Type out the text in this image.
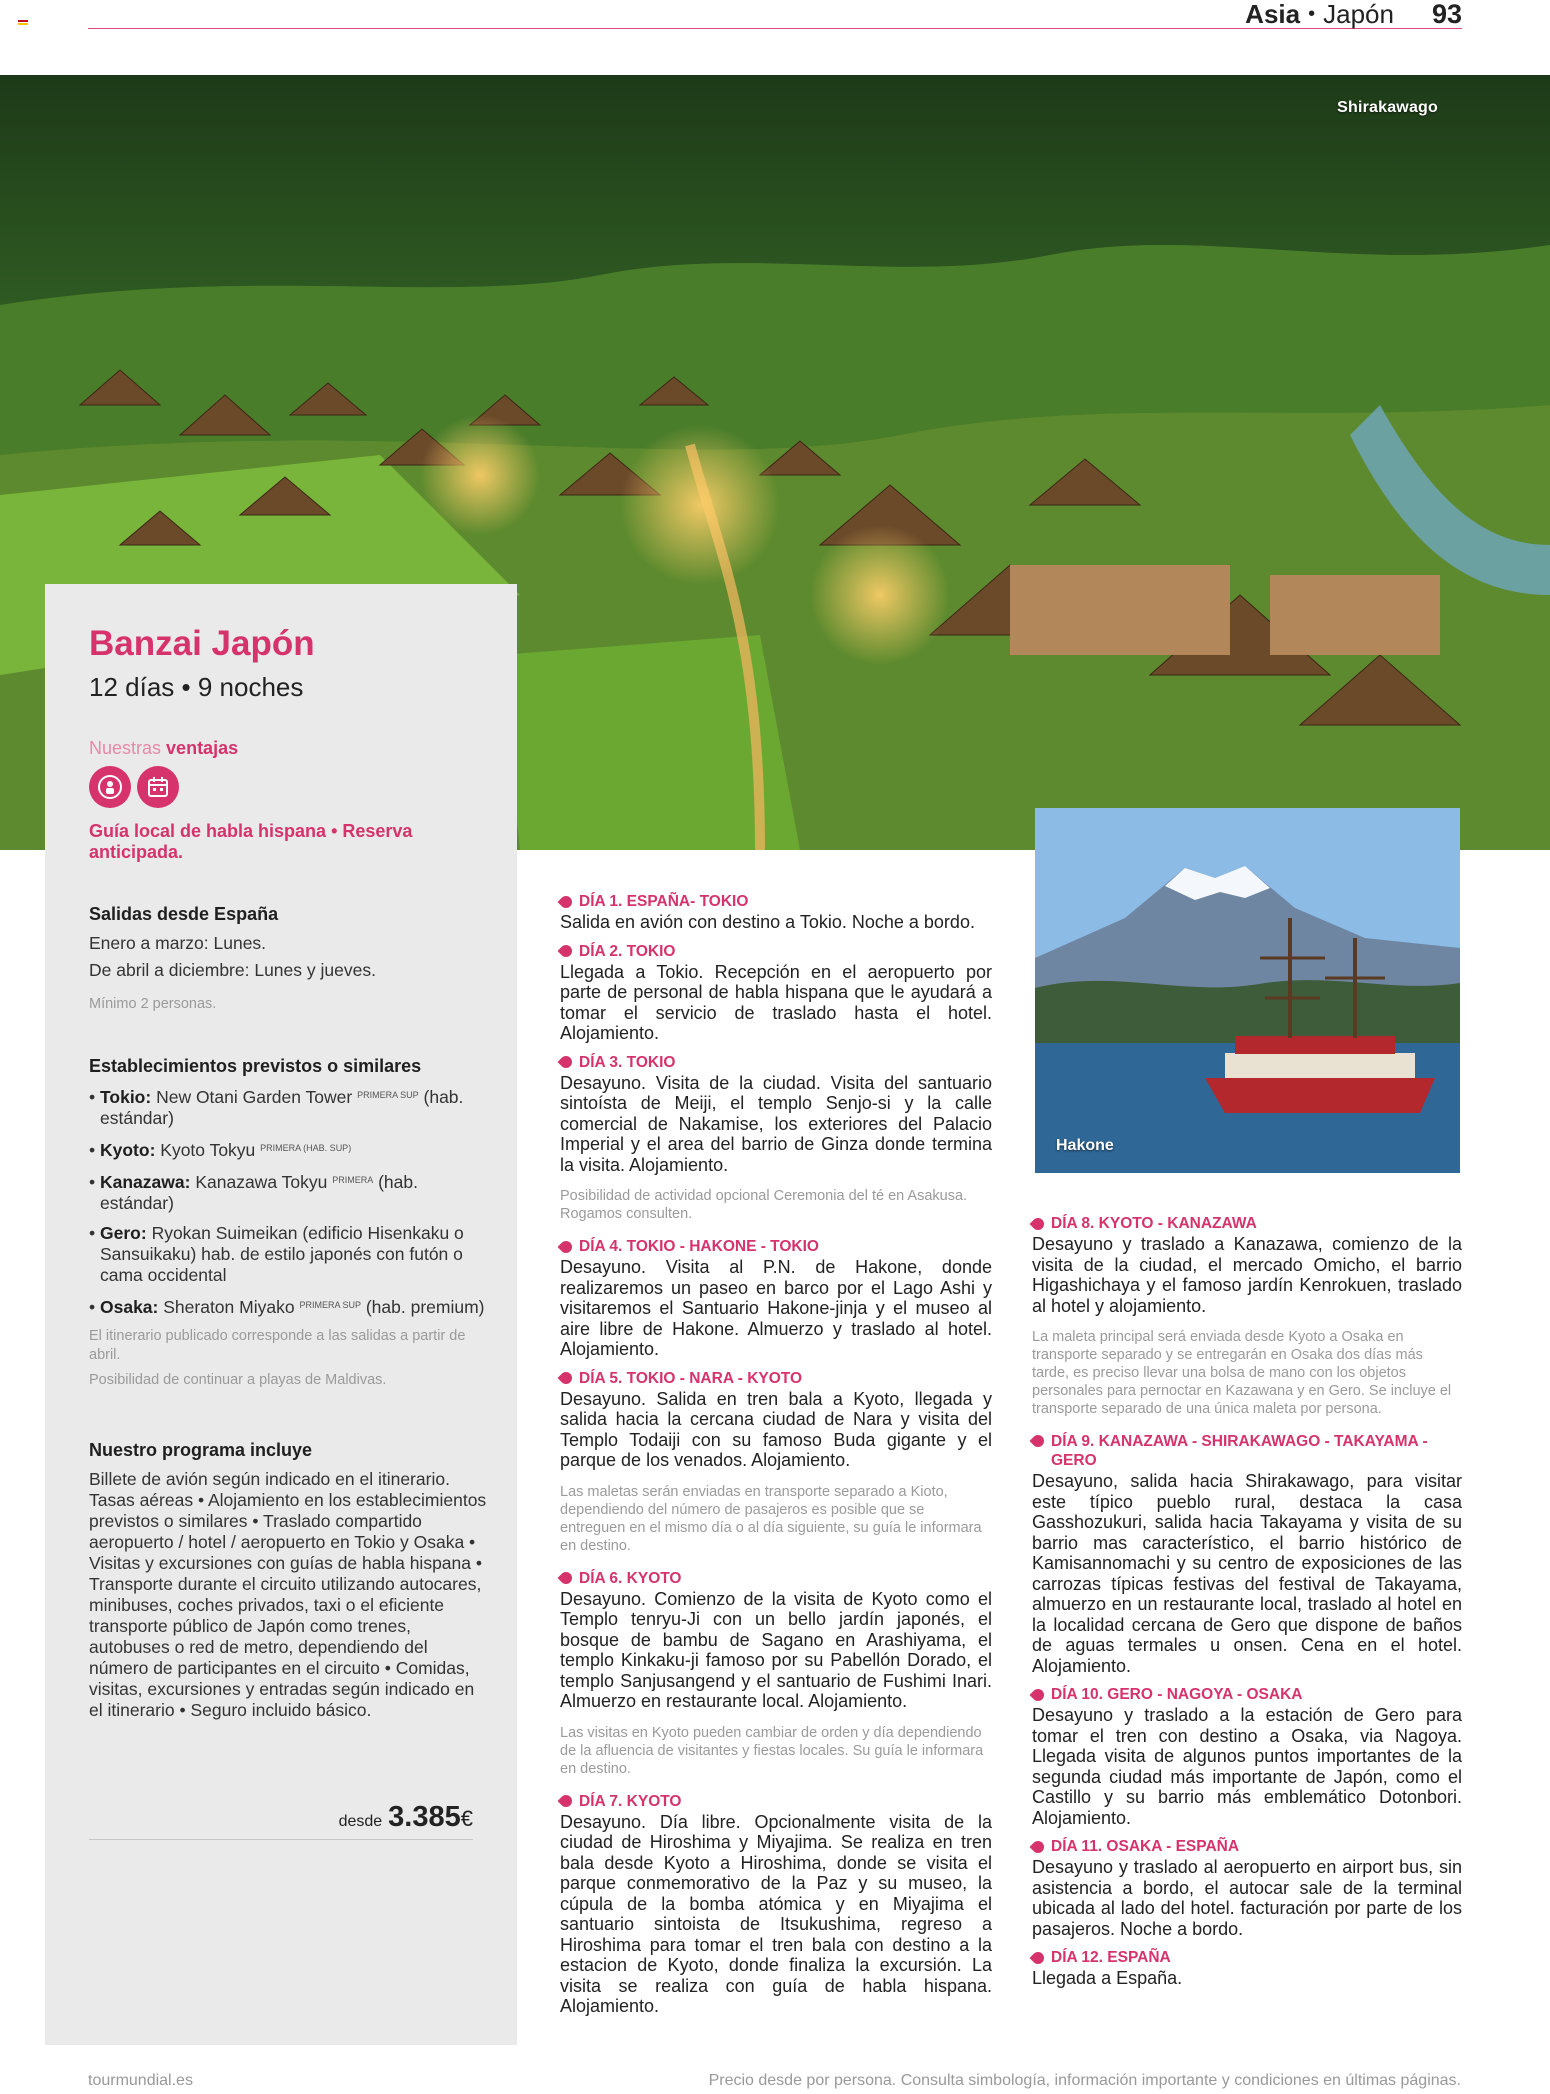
Asia • Japón 93
Shirakawago
Banzai Japón
12 días • 9 noches
Nuestras ventajas
Guía local de habla hispana • Reserva anticipada.
Salidas desde España

Enero a marzo: Lunes.

De abril a diciembre: Lunes y jueves.

Mínimo 2 personas.

Establecimientos previstos o similares
• Tokio: New Otani Garden Tower $^{PRIMERA SUP}$ (hab. estándar)
• Kyoto: Kyoto Tokyu $^{PRIMERA (HAB. SUP)}$
• Kanazawa: Kanazawa Tokyu $^{PRIMERA}$ (hab. estándar)
• Gero: Ryokan Suimeikan (edificio Hisenkaku o Sansuikaku) hab. de estilo japonés con futón o cama occidental
• Osaka: Sheraton Miyako $^{PRIMERA SUP}$ (hab. premium)

El itinerario publicado corresponde a las salidas a partir de abril.

Posibilidad de continuar a playas de Maldivas.

Nuestro programa incluye

Billete de avión según indicado en el itinerario. Tasas aéreas • Alojamiento en los establecimientos previstos o similares • Traslado compartido aeropuerto / hotel / aeropuerto en Tokio y Osaka • Visitas y excursiones con guías de habla hispana • Transporte durante el circuito utilizando autocares, minibuses, coches privados, taxi o el eficiente transporte público de Japón como trenes, autobuses o red de metro, dependiendo del número de participantes en el circuito • Comidas, visitas, excursiones y entradas según indicado en el itinerario • Seguro incluido básico.

desde 3.385 €
DÍA 1. ESPAÑA- TOKIO
Salida en avión con destino a Tokio. Noche a bordo.
DÍA 2. TOKIO
Llegada a Tokio. Recepción en el aeropuerto por parte de personal de habla hispana que le ayudará a tomar el servicio de traslado hasta el hotel. Alojamiento.
DÍA 3. TOKIO
Desayuno. Visita de la ciudad. Visita del santuario sintoísta de Meiji, el templo Senjo-si y la calle comercial de Nakamise, los exteriores del Palacio Imperial y el area del barrio de Ginza donde termina la visita. Alojamiento.
Posibilidad de actividad opcional Ceremonia del té en Asakusa. Rogamos consulten.
DÍA 4. TOKIO - HAKONE - TOKIO
Desayuno. Visita al P.N. de Hakone, donde realizaremos un paseo en barco por el Lago Ashi y visitaremos el Santuario Hakone-jinja y el museo al aire libre de Hakone. Almuerzo y traslado al hotel. Alojamiento.
DÍA 5. TOKIO - NARA - KYOTO
Desayuno. Salida en tren bala a Kyoto, llegada y salida hacia la cercana ciudad de Nara y visita del Templo Todaiji con su famoso Buda gigante y el parque de los venados. Alojamiento.
Las maletas serán enviadas en transporte separado a Kioto, dependiendo del número de pasajeros es posible que se entreguen en el mismo día o al día siguiente, su guía le informara en destino.
DÍA 6. KYOTO
Desayuno. Comienzo de la visita de Kyoto como el Templo tenryu-Ji con un bello jardín japonés, el bosque de bambu de Sagano en Arashiyama, el templo Kinkaku-ji famoso por su Pabellón Dorado, el templo Sanjusangend y el santuario de Fushimi Inari. Almuerzo en restaurante local. Alojamiento.
Las visitas en Kyoto pueden cambiar de orden y día dependiendo de la afluencia de visitantes y fiestas locales. Su guía le informara en destino.
DÍA 7. KYOTO
Desayuno. Día libre. Opcionalmente visita de la ciudad de Hiroshima y Miyajima. Se realiza en tren bala desde Kyoto a Hiroshima, donde se visita el parque conmemorativo de la Paz y su museo, la cúpula de la bomba atómica y en Miyajima el santuario sintoista de Itsukushima, regreso a Hiroshima para tomar el tren bala con destino a la estacion de Kyoto, donde finaliza la excursión. La visita se realiza con guía de habla hispana. Alojamiento.
Hakone
DÍA 8. KYOTO - KANAZAWA
Desayuno y traslado a Kanazawa, comienzo de la visita de la ciudad, el mercado Omicho, el barrio Higashichaya y el famoso jardín Kenrokuen, traslado al hotel y alojamiento.
La maleta principal será enviada desde Kyoto a Osaka en transporte separado y se entregarán en Osaka dos días más tarde, es preciso llevar una bolsa de mano con los objetos personales para pernoctar en Kazawana y en Gero. Se incluye el transporte separado de una única maleta por persona.
DÍA 9. KANAZAWA - SHIRAKAWAGO - TAKAYAMA - GERO
Desayuno, salida hacia Shirakawago, para visitar este típico pueblo rural, destaca la casa Gasshozukuri, salida hacia Takayama y visita de su barrio mas característico, el barrio histórico de Kamisannomachi y su centro de exposiciones de las carrozas típicas festivas del festival de Takayama, almuerzo en un restaurante local, traslado al hotel en la localidad cercana de Gero que dispone de baños de aguas termales u onsen. Cena en el hotel. Alojamiento.
DÍA 10. GERO - NAGOYA - OSAKA
Desayuno y traslado a la estación de Gero para tomar el tren con destino a Osaka, via Nagoya. Llegada visita de algunos puntos importantes de la segunda ciudad más importante de Japón, como el Castillo y su barrio más emblemático Dotonbori. Alojamiento.
DÍA 11. OSAKA - ESPAÑA
Desayuno y traslado al aeropuerto en airport bus, sin asistencia a bordo, el autocar sale de la terminal ubicada al lado del hotel. facturación por parte de los pasajeros. Noche a bordo.
DÍA 12. ESPAÑA
Llegada a España.
tourmundial.es	Precio desde por persona. Consulta simbología, información importante y condiciones en últimas páginas.
